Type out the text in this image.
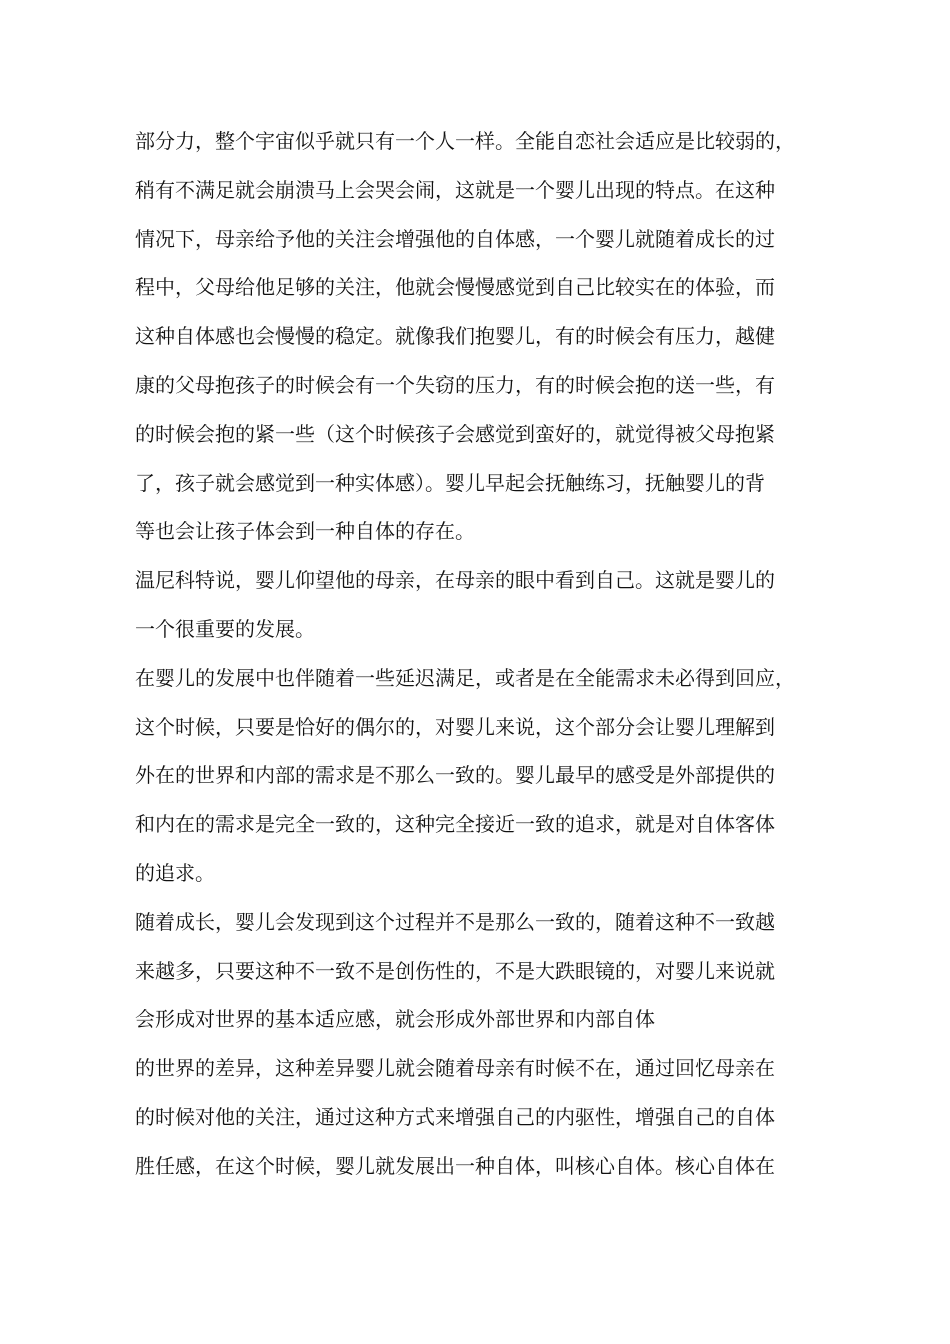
部分力，整个宇宙似乎就只有一个人一样。全能自恋社会适应是比较弱的，
稍有不满足就会崩溃马上会哭会闹，这就是一个婴儿出现的特点。在这种
情况下，母亲给予他的关注会增强他的自体感，一个婴儿就随着成长的过
程中，父母给他足够的关注，他就会慢慢感觉到自己比较实在的体验，而
这种自体感也会慢慢的稳定。就像我们抱婴儿，有的时候会有压力，越健
康的父母抱孩子的时候会有一个失窃的压力，有的时候会抱的送一些，有
的时候会抱的紧一些（这个时候孩子会感觉到蛮好的，就觉得被父母抱紧
了，孩子就会感觉到一种实体感）。婴儿早起会抚触练习，抚触婴儿的背
等也会让孩子体会到一种自体的存在。
温尼科特说，婴儿仰望他的母亲，在母亲的眼中看到自己。这就是婴儿的
一个很重要的发展。
在婴儿的发展中也伴随着一些延迟满足，或者是在全能需求未必得到回应，
这个时候，只要是恰好的偶尔的，对婴儿来说，这个部分会让婴儿理解到
外在的世界和内部的需求是不那么一致的。婴儿最早的感受是外部提供的
和内在的需求是完全一致的，这种完全接近一致的追求，就是对自体客体
的追求。
随着成长，婴儿会发现到这个过程并不是那么一致的，随着这种不一致越
来越多，只要这种不一致不是创伤性的，不是大跌眼镜的，对婴儿来说就
会形成对世界的基本适应感，就会形成外部世界和内部自体
的世界的差异，这种差异婴儿就会随着母亲有时候不在，通过回忆母亲在
的时候对他的关注，通过这种方式来增强自己的内驱性，增强自己的自体
胜任感，在这个时候，婴儿就发展出一种自体，叫核心自体。核心自体在
